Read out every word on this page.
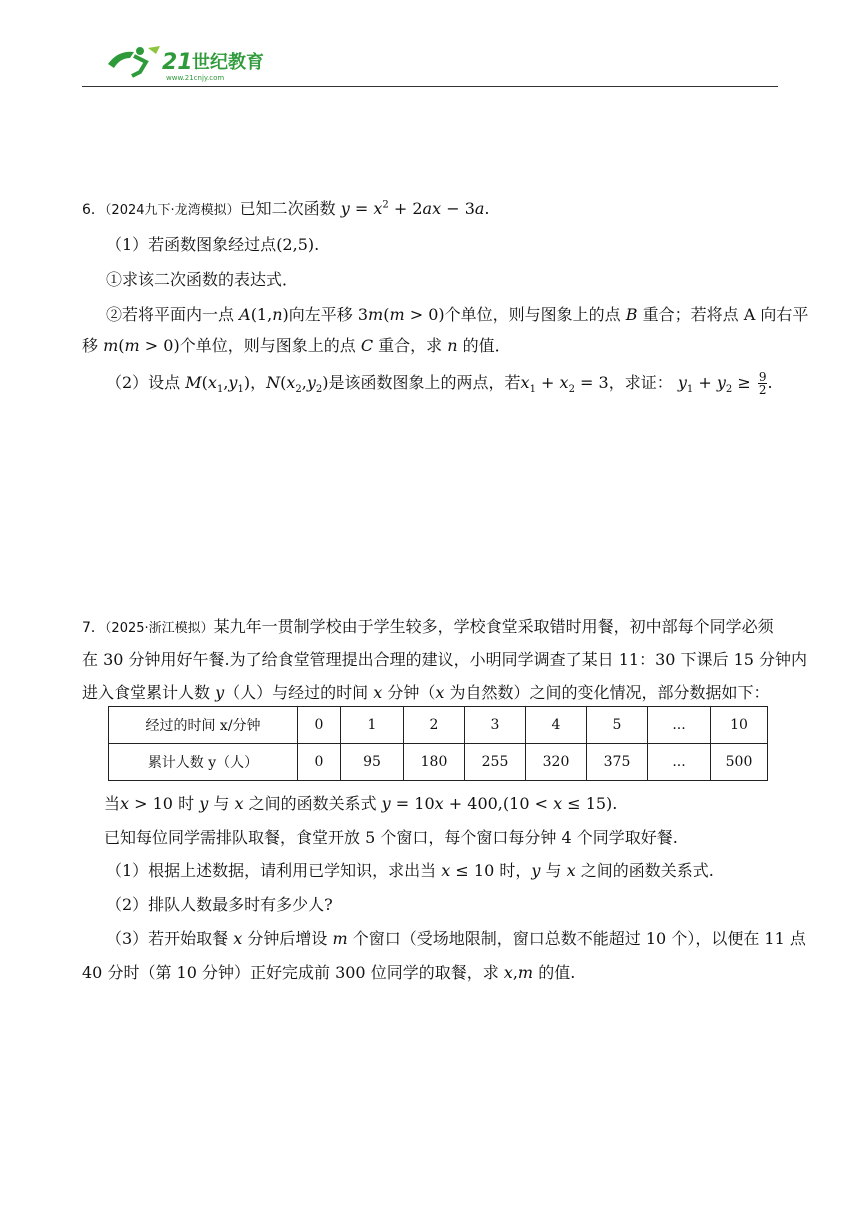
21 世纪教育
www.21cnjy.com
6．（2024九下·龙湾模拟）已知二次函数 $y = x^2 + 2ax - 3a$.
（1）若函数图象经过点(2,5).
①求该二次函数的表达式．
②若将平面内一点 A(1,n)向左平移 3m(m > 0)个单位，则与图象上的点 B 重合；若将点 A 向右平
移 m(m > 0)个单位，则与图象上的点 C 重合，求 n 的值．
（2）设点 $M(x_1,y_1)$，$N(x_2,y_2)$是该函数图象上的两点，若$x_1 + x_2 = 3$，求证： $y_1 + y_2 \ge \frac{9}{2}$ .
7．（2025·浙江模拟）某九年一贯制学校由于学生较多，学校食堂采取错时用餐，初中部每个同学必须
在 30 分钟用好午餐.为了给食堂管理提出合理的建议，小明同学调查了某日 11：30 下课后 15 分钟内
进入食堂累计人数 y（人）与经过的时间 x 分钟（x 为自然数）之间的变化情况，部分数据如下：
经过的时间 x/分钟	0	1	2	3	4	5	...	10
累计人数 y（人）	0	95	180	255	320	375	...	500
当x > 10 时 y 与 x 之间的函数关系式 y = 10x + 400,(10 < x ≤ 15).
已知每位同学需排队取餐，食堂开放 5 个窗口，每个窗口每分钟 4 个同学取好餐.
（1）根据上述数据，请利用已学知识，求出当 x ≤ 10 时，y 与 x 之间的函数关系式.
（2）排队人数最多时有多少人?
（3）若开始取餐 x 分钟后增设 m 个窗口（受场地限制，窗口总数不能超过 10 个），以便在 11 点
40 分时（第 10 分钟）正好完成前 300 位同学的取餐，求 x,m 的值.
